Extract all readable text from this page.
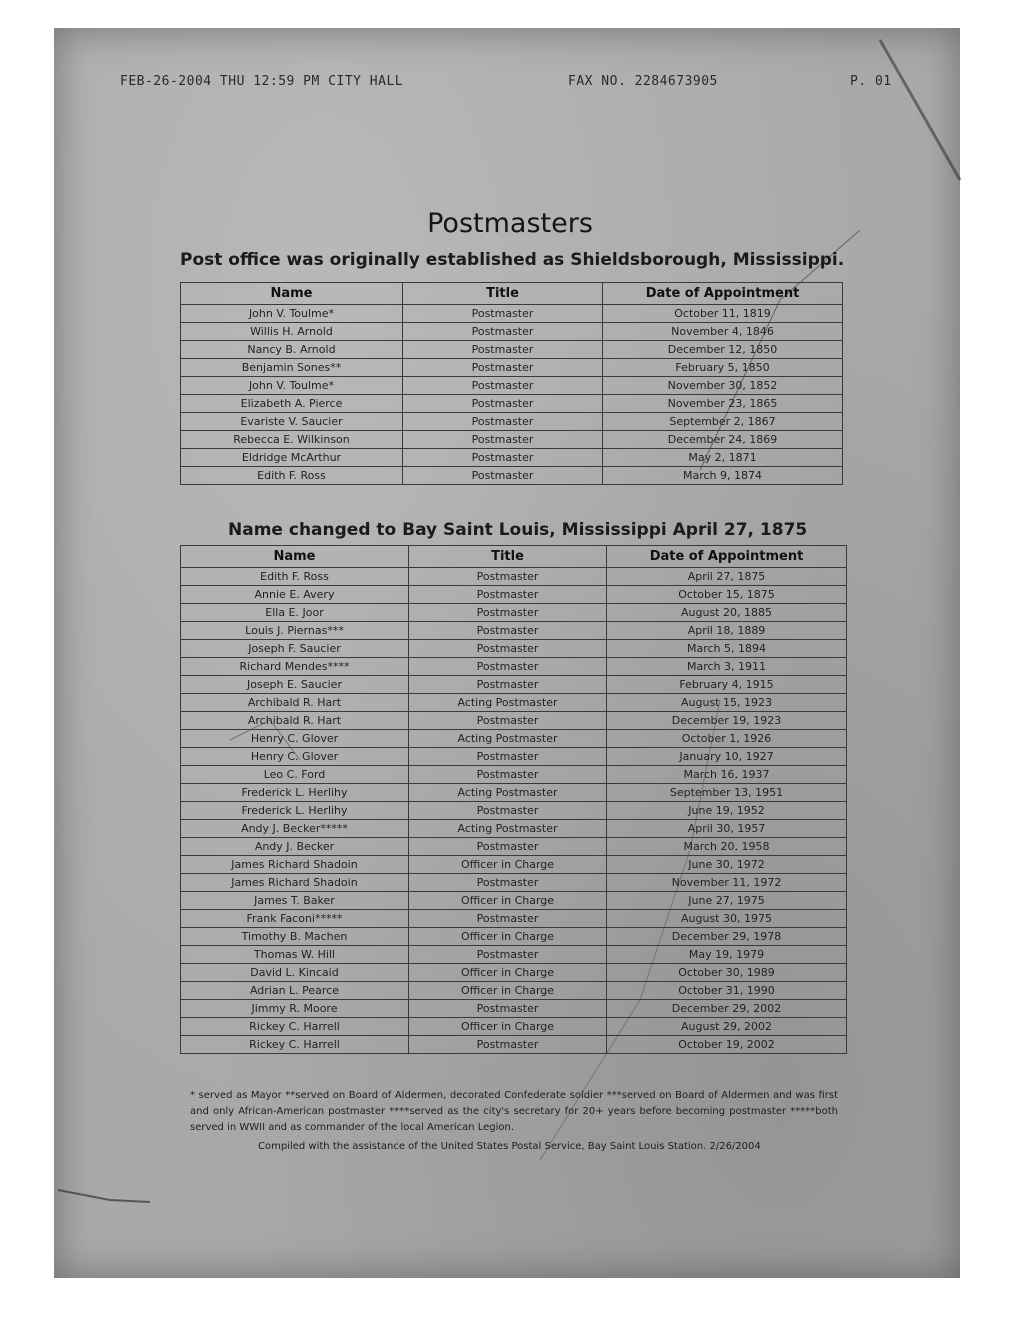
FEB-26-2004 THU 12:59 PM CITY HALL	FAX NO. 2284673905	P. 01
Postmasters
Post office was originally established as Shieldsborough, Mississippi.
Name	Title	Date of Appointment
John V. Toulme*	Postmaster	October 11, 1819
Willis H. Arnold	Postmaster	November 4, 1846
Nancy B. Arnold	Postmaster	December 12, 1850
Benjamin Sones**	Postmaster	February 5, 1850
John V. Toulme*	Postmaster	November 30, 1852
Elizabeth A. Pierce	Postmaster	November 23, 1865
Evariste V. Saucier	Postmaster	September 2, 1867
Rebecca E. Wilkinson	Postmaster	December 24, 1869
Eldridge McArthur	Postmaster	May 2, 1871
Edith F. Ross	Postmaster	March 9, 1874
Name changed to Bay Saint Louis, Mississippi April 27, 1875
Name	Title	Date of Appointment
Edith F. Ross	Postmaster	April 27, 1875
Annie E. Avery	Postmaster	October 15, 1875
Ella E. Joor	Postmaster	August 20, 1885
Louis J. Piernas***	Postmaster	April 18, 1889
Joseph F. Saucier	Postmaster	March 5, 1894
Richard Mendes****	Postmaster	March 3, 1911
Joseph E. Saucier	Postmaster	February 4, 1915
Archibald R. Hart	Acting Postmaster	August 15, 1923
Archibald R. Hart	Postmaster	December 19, 1923
Henry C. Glover	Acting Postmaster	October 1, 1926
Henry C. Glover	Postmaster	January 10, 1927
Leo C. Ford	Postmaster	March 16, 1937
Frederick L. Herlihy	Acting Postmaster	September 13, 1951
Frederick L. Herlihy	Postmaster	June 19, 1952
Andy J. Becker*****	Acting Postmaster	April 30, 1957
Andy J. Becker	Postmaster	March 20, 1958
James Richard Shadoin	Officer in Charge	June 30, 1972
James Richard Shadoin	Postmaster	November 11, 1972
James T. Baker	Officer in Charge	June 27, 1975
Frank Faconi*****	Postmaster	August 30, 1975
Timothy B. Machen	Officer in Charge	December 29, 1978
Thomas W. Hill	Postmaster	May 19, 1979
David L. Kincaid	Officer in Charge	October 30, 1989
Adrian L. Pearce	Officer in Charge	October 31, 1990
Jimmy R. Moore	Postmaster	December 29, 2002
Rickey C. Harrell	Officer in Charge	August 29, 2002
Rickey C. Harrell	Postmaster	October 19, 2002
* served as Mayor **served on Board of Aldermen, decorated Confederate soldier ***served on Board of Aldermen and was first and only African-American postmaster ****served as the city's secretary for 20+ years before becoming postmaster *****both served in WWII and as commander of the local American Legion.
Compiled with the assistance of the United States Postal Service, Bay Saint Louis Station. 2/26/2004
